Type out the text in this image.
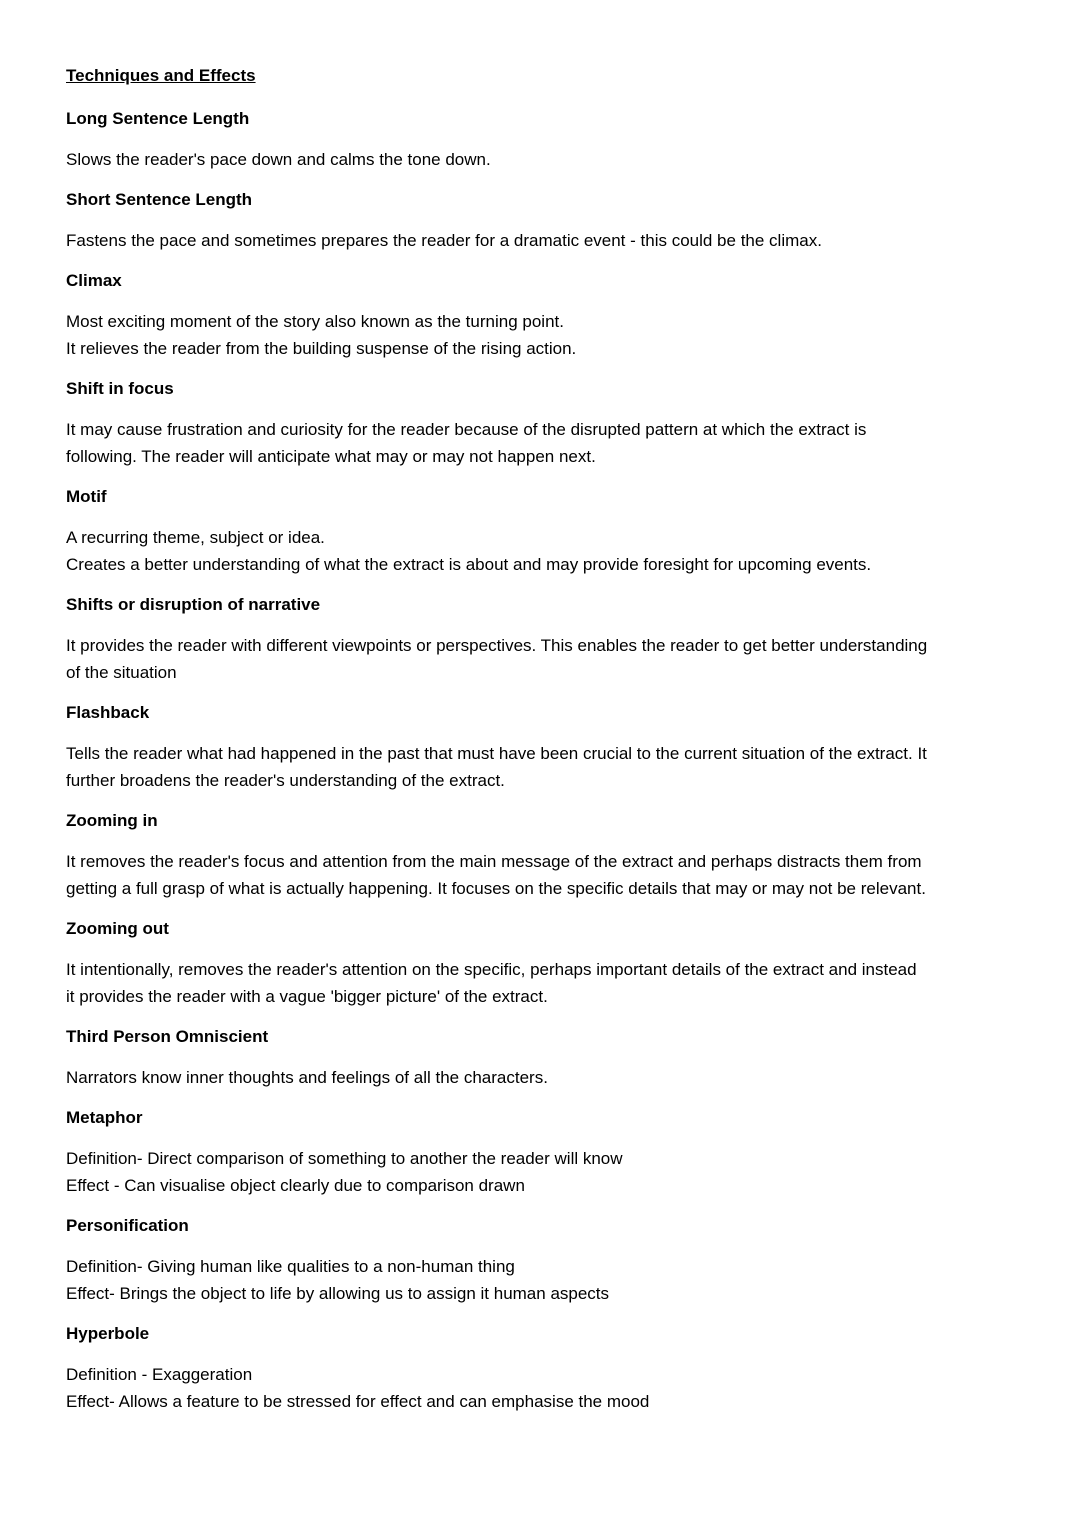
Techniques and Effects
Long Sentence Length
Slows the reader's pace down and calms the tone down.
Short Sentence Length
Fastens the pace and sometimes prepares the reader for a dramatic event - this could be the climax.
Climax
Most exciting moment of the story also known as the turning point.
It relieves the reader from the building suspense of the rising action.
Shift in focus
It may cause frustration and curiosity for the reader because of the disrupted pattern at which the extract is
following. The reader will anticipate what may or may not happen next.
Motif
A recurring theme, subject or idea.
Creates a better understanding of what the extract is about and may provide foresight for upcoming events.
Shifts or disruption of narrative
It provides the reader with different viewpoints or perspectives. This enables the reader to get better understanding
of the situation
Flashback
Tells the reader what had happened in the past that must have been crucial to the current situation of the extract. It
further broadens the reader's understanding of the extract.
Zooming in
It removes the reader's focus and attention from the main message of the extract and perhaps distracts them from
getting a full grasp of what is actually happening. It focuses on the specific details that may or may not be relevant.
Zooming out
It intentionally, removes the reader's attention on the specific, perhaps important details of the extract and instead
it provides the reader with a vague 'bigger picture' of the extract.
Third Person Omniscient
Narrators know inner thoughts and feelings of all the characters.
Metaphor
Definition- Direct comparison of something to another the reader will know
Effect - Can visualise object clearly due to comparison drawn
Personification
Definition- Giving human like qualities to a non-human thing
Effect- Brings the object to life by allowing us to assign it human aspects
Hyperbole
Definition - Exaggeration
Effect- Allows a feature to be stressed for effect and can emphasise the mood
